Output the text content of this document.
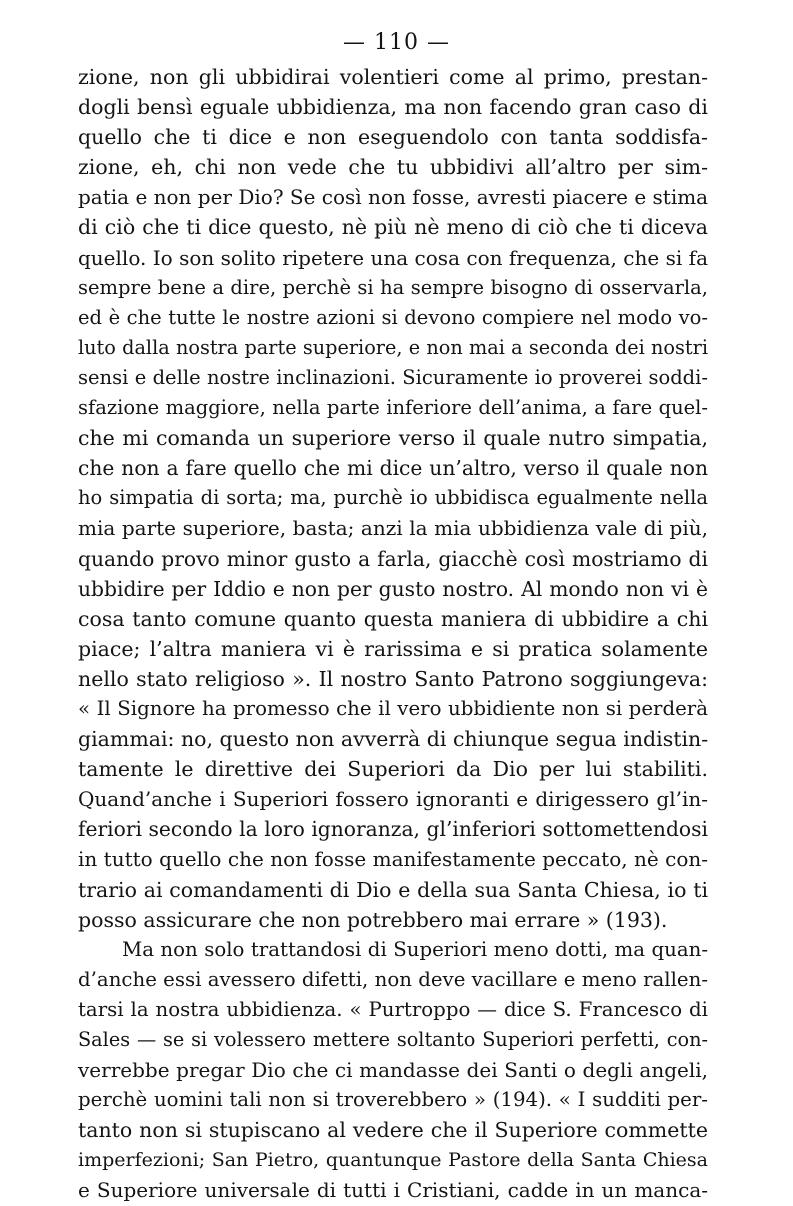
— 110 —
zione, non gli ubbidirai volentieri come al primo, prestan-
dogli bensì eguale ubbidienza, ma non facendo gran caso di
quello che ti dice e non eseguendolo con tanta soddisfa-
zione, eh, chi non vede che tu ubbidivi all’altro per sim-
patia e non per Dio? Se così non fosse, avresti piacere e stima
di ciò che ti dice questo, nè più nè meno di ciò che ti diceva
quello. Io son solito ripetere una cosa con frequenza, che si fa
sempre bene a dire, perchè si ha sempre bisogno di osservarla,
ed è che tutte le nostre azioni si devono compiere nel modo vo-
luto dalla nostra parte superiore, e non mai a seconda dei nostri
sensi e delle nostre inclinazioni. Sicuramente io proverei soddi-
sfazione maggiore, nella parte inferiore dell’anima, a fare quel-
che mi comanda un superiore verso il quale nutro simpatia,
che non a fare quello che mi dice un’altro, verso il quale non
ho simpatia di sorta; ma, purchè io ubbidisca egualmente nella
mia parte superiore, basta; anzi la mia ubbidienza vale di più,
quando provo minor gusto a farla, giacchè così mostriamo di
ubbidire per Iddio e non per gusto nostro. Al mondo non vi è
cosa tanto comune quanto questa maniera di ubbidire a chi
piace; l’altra maniera vi è rarissima e si pratica solamente
nello stato religioso ». Il nostro Santo Patrono soggiungeva:
« Il Signore ha promesso che il vero ubbidiente non si perderà
giammai: no, questo non avverrà di chiunque segua indistin-
tamente le direttive dei Superiori da Dio per lui stabiliti.
Quand’anche i Superiori fossero ignoranti e dirigessero gl’in-
feriori secondo la loro ignoranza, gl’inferiori sottomettendosi
in tutto quello che non fosse manifestamente peccato, nè con-
trario ai comandamenti di Dio e della sua Santa Chiesa, io ti
posso assicurare che non potrebbero mai errare » (193).
Ma non solo trattandosi di Superiori meno dotti, ma quan-
d’anche essi avessero difetti, non deve vacillare e meno rallen-
tarsi la nostra ubbidienza. « Purtroppo — dice S. Francesco di
Sales — se si volessero mettere soltanto Superiori perfetti, con-
verrebbe pregar Dio che ci mandasse dei Santi o degli angeli,
perchè uomini tali non si troverebbero » (194). « I sudditi per-
tanto non si stupiscano al vedere che il Superiore commette
imperfezioni; San Pietro, quantunque Pastore della Santa Chiesa
e Superiore universale di tutti i Cristiani, cadde in un manca-
